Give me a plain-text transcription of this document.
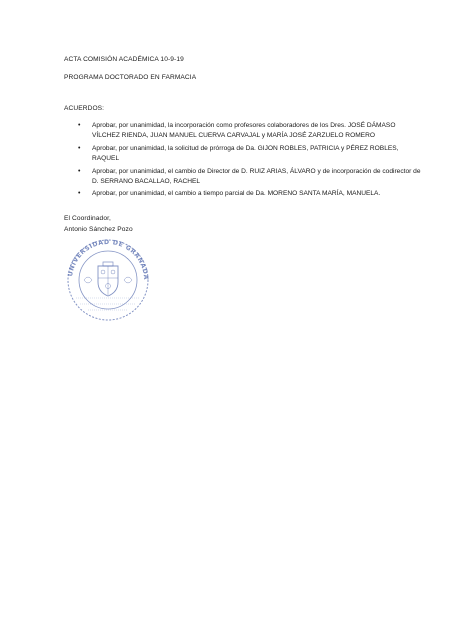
ACTA COMISIÓN ACADÉMICA 10-9-19
PROGRAMA DOCTORADO EN FARMACIA
ACUERDOS:
• Aprobar, por unanimidad, la incorporación como profesores colaboradores de los Dres. JOSÉ DÁMASO VÍLCHEZ RIENDA, JUAN MANUEL CUERVA CARVAJAL y MARÍA JOSÉ ZARZUELO ROMERO
• Aprobar, por unanimidad, la solicitud de prórroga de Da. GIJON ROBLES, PATRICIA y PÉREZ ROBLES, RAQUEL
• Aprobar, por unanimidad, el cambio de Director de D. RUIZ ARIAS, ÁLVARO y de incorporación de codirector de D. SERRANO BACALLAO, RACHEL
• Aprobar, por unanimidad, el cambio a tiempo parcial de Da. MORENO SANTA MARÍA, MANUELA.
El Coordinador,
Antonio Sánchez Pozo
UNIVERSIDAD DE GRANADA
